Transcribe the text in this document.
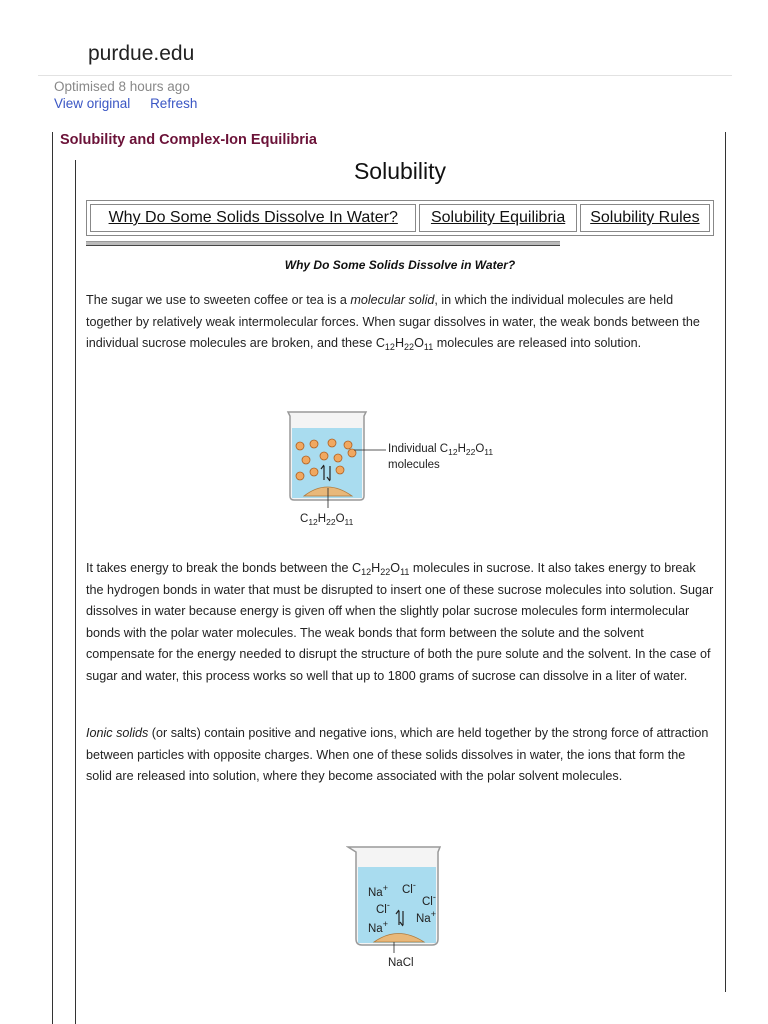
purdue.edu
Optimised 8 hours ago
View original Refresh
Solubility and Complex-Ion Equilibria
Solubility
Why Do Some Solids Dissolve In Water?	Solubility Equilibria	Solubility Rules
Why Do Some Solids Dissolve in Water?

The sugar we use to sweeten coffee or tea is a molecular solid, in which the individual molecules are held together by relatively weak intermolecular forces. When sugar dissolves in water, the weak bonds between the individual sucrose molecules are broken, and these $C_{12}H_{22}O_{11}$ molecules are released into solution.

Individual $C_{12}H_{22}O_{11}$
molecules
$C_{12}H_{22}O_{11}$

It takes energy to break the bonds between the $C_{12}H_{22}O_{11}$ molecules in sucrose. It also takes energy to break the hydrogen bonds in water that must be disrupted to insert one of these sucrose molecules into solution. Sugar dissolves in water because energy is given off when the slightly polar sucrose molecules form intermolecular bonds with the polar water molecules. The weak bonds that form between the solute and the solvent compensate for the energy needed to disrupt the structure of both the pure solute and the solvent. In the case of sugar and water, this process works so well that up to 1800 grams of sucrose can dissolve in a liter of water.

Ionic solids (or salts) contain positive and negative ions, which are held together by the strong force of attraction between particles with opposite charges. When one of these solids dissolves in water, the ions that form the solid are released into solution, where they become associated with the polar solvent molecules.

Na+ Cl-
Cl-	Cl-
Na+
Na+
NaCl
